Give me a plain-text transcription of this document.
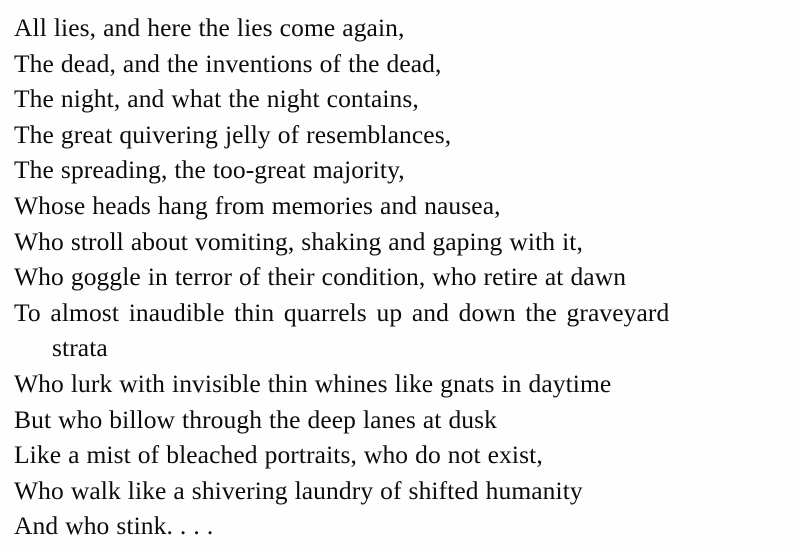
All lies, and here the lies come again,
The dead, and the inventions of the dead,
The night, and what the night contains,
The great quivering jelly of resemblances,
The spreading, the too-great majority,
Whose heads hang from memories and nausea,
Who stroll about vomiting, shaking and gaping with it,
Who goggle in terror of their condition, who retire at dawn
To almost inaudible thin quarrels up and down the graveyard
strata
Who lurk with invisible thin whines like gnats in daytime
But who billow through the deep lanes at dusk
Like a mist of bleached portraits, who do not exist,
Who walk like a shivering laundry of shifted humanity
And who stink. . . .
